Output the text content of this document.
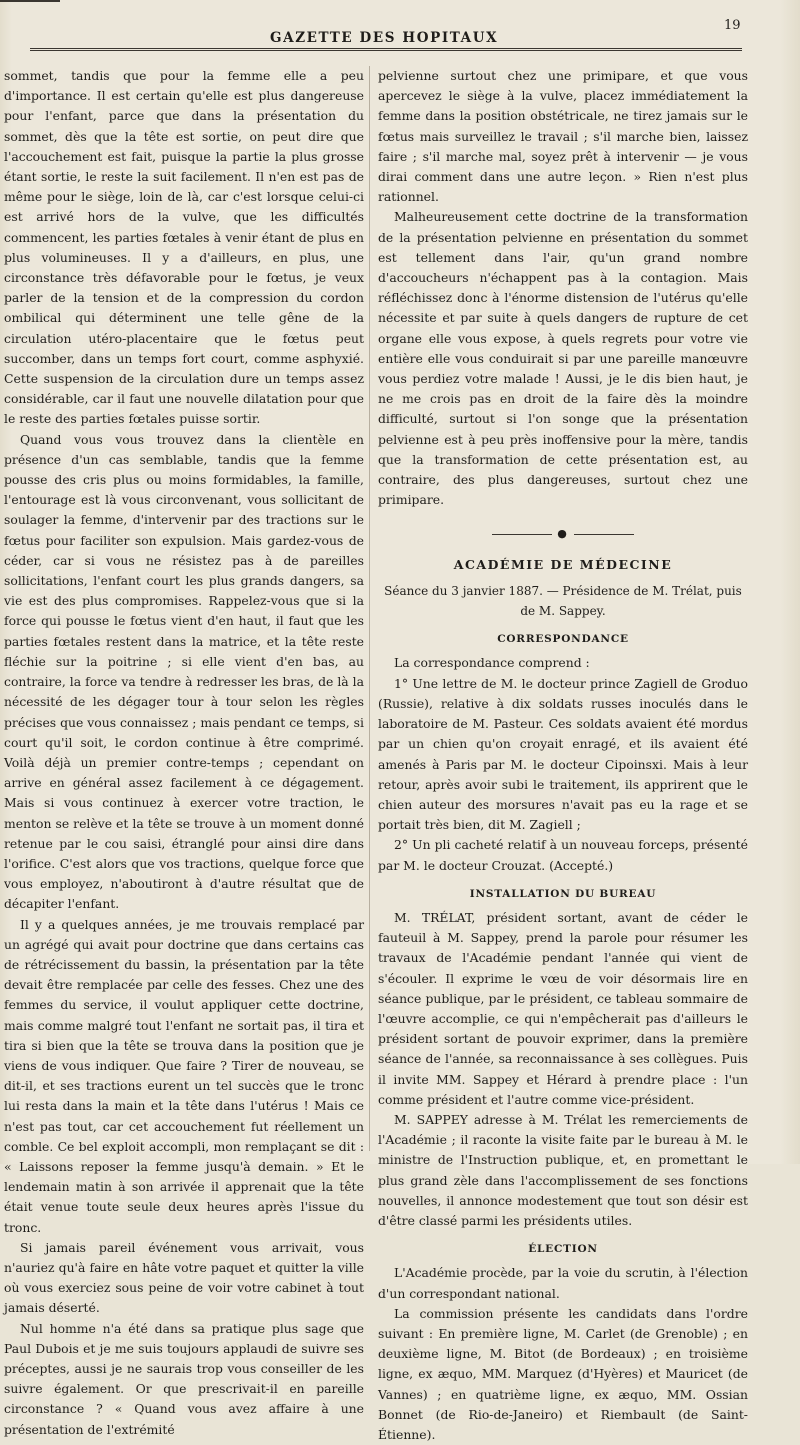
GAZETTE DES HOPITAUX
19

sommet, tandis que pour la femme elle a peu d'importance. Il est certain qu'elle est plus dangereuse pour l'enfant, parce que dans la présentation du sommet, dès que la tête est sortie, on peut dire que l'accouchement est fait, puisque la partie la plus grosse étant sortie, le reste la suit facilement. Il n'en est pas de même pour le siège, loin de là, car c'est lorsque celui-ci est arrivé hors de la vulve, que les difficultés commencent, les parties fœtales à venir étant de plus en plus volumineuses. Il y a d'ailleurs, en plus, une circonstance très défavorable pour le fœtus, je veux parler de la tension et de la compression du cordon ombilical qui déterminent une telle gêne de la circulation utéro-placentaire que le fœtus peut succomber, dans un temps fort court, comme asphyxié. Cette suspension de la circulation dure un temps assez considérable, car il faut une nouvelle dilatation pour que le reste des parties fœtales puisse sortir.

Quand vous vous trouvez dans la clientèle en présence d'un cas semblable, tandis que la femme pousse des cris plus ou moins formidables, la famille, l'entourage est là vous circonvenant, vous sollicitant de soulager la femme, d'intervenir par des tractions sur le fœtus pour faciliter son expulsion. Mais gardez-vous de céder, car si vous ne résistez pas à de pareilles sollicitations, l'enfant court les plus grands dangers, sa vie est des plus compromises. Rappelez-vous que si la force qui pousse le fœtus vient d'en haut, il faut que les parties fœtales restent dans la matrice, et la tête reste fléchie sur la poitrine ; si elle vient d'en bas, au contraire, la force va tendre à redresser les bras, de là la nécessité de les dégager tour à tour selon les règles précises que vous connaissez ; mais pendant ce temps, si court qu'il soit, le cordon continue à être comprimé. Voilà déjà un premier contre-temps ; cependant on arrive en général assez facilement à ce dégagement. Mais si vous continuez à exercer votre traction, le menton se relève et la tête se trouve à un moment donné retenue par le cou saisi, étranglé pour ainsi dire dans l'orifice. C'est alors que vos tractions, quelque force que vous employez, n'aboutiront à d'autre résultat que de décapiter l'enfant.

Il y a quelques années, je me trouvais remplacé par un agrégé qui avait pour doctrine que dans certains cas de rétrécissement du bassin, la présentation par la tête devait être remplacée par celle des fesses. Chez une des femmes du service, il voulut appliquer cette doctrine, mais comme malgré tout l'enfant ne sortait pas, il tira et tira si bien que la tête se trouva dans la position que je viens de vous indiquer. Que faire ? Tirer de nouveau, se dit-il, et ses tractions eurent un tel succès que le tronc lui resta dans la main et la tête dans l'utérus ! Mais ce n'est pas tout, car cet accouchement fut réellement un comble. Ce bel exploit accompli, mon remplaçant se dit : « Laissons reposer la femme jusqu'à demain. » Et le lendemain matin à son arrivée il apprenait que la tête était venue toute seule deux heures après l'issue du tronc.

Si jamais pareil événement vous arrivait, vous n'auriez qu'à faire en hâte votre paquet et quitter la ville où vous exerciez sous peine de voir votre cabinet à tout jamais déserté.

Nul homme n'a été dans sa pratique plus sage que Paul Dubois et je me suis toujours applaudi de suivre ses préceptes, aussi je ne saurais trop vous conseiller de les suivre également. Or que prescrivait-il en pareille circonstance ? « Quand vous avez affaire à une présentation de l'extrémité

pelvienne surtout chez une primipare, et que vous apercevez le siège à la vulve, placez immédiatement la femme dans la position obstétricale, ne tirez jamais sur le fœtus mais surveillez le travail ; s'il marche bien, laissez faire ; s'il marche mal, soyez prêt à intervenir — je vous dirai comment dans une autre leçon. » Rien n'est plus rationnel.

Malheureusement cette doctrine de la transformation de la présentation pelvienne en présentation du sommet est tellement dans l'air, qu'un grand nombre d'accoucheurs n'échappent pas à la contagion. Mais réfléchissez donc à l'énorme distension de l'utérus qu'elle nécessite et par suite à quels dangers de rupture de cet organe elle vous expose, à quels regrets pour votre vie entière elle vous conduirait si par une pareille manœuvre vous perdiez votre malade ! Aussi, je le dis bien haut, je ne me crois pas en droit de la faire dès la moindre difficulté, surtout si l'on songe que la présentation pelvienne est à peu près inoffensive pour la mère, tandis que la transformation de cette présentation est, au contraire, des plus dangereuses, surtout chez une primipare.

●
ACADÉMIE DE MÉDECINE
Séance du 3 janvier 1887. — Présidence de M. Trélat, puis
de M. Sappey.
CORRESPONDANCE

La correspondance comprend :

1° Une lettre de M. le docteur prince Zagiell de Groduo (Russie), relative à dix soldats russes inoculés dans le laboratoire de M. Pasteur. Ces soldats avaient été mordus par un chien qu'on croyait enragé, et ils avaient été amenés à Paris par M. le docteur Cipoinsxi. Mais à leur retour, après avoir subi le traitement, ils apprirent que le chien auteur des morsures n'avait pas eu la rage et se portait très bien, dit M. Zagiell ;

2° Un pli cacheté relatif à un nouveau forceps, présenté par M. le docteur Crouzat. (Accepté.)

INSTALLATION DU BUREAU

M. TRÉLAT, président sortant, avant de céder le fauteuil à M. Sappey, prend la parole pour résumer les travaux de l'Académie pendant l'année qui vient de s'écouler. Il exprime le vœu de voir désormais lire en séance publique, par le président, ce tableau sommaire de l'œuvre accomplie, ce qui n'empêcherait pas d'ailleurs le président sortant de pouvoir exprimer, dans la première séance de l'année, sa reconnaissance à ses collègues. Puis il invite MM. Sappey et Hérard à prendre place : l'un comme président et l'autre comme vice-président.

M. SAPPEY adresse à M. Trélat les remerciements de l'Académie ; il raconte la visite faite par le bureau à M. le ministre de l'Instruction publique, et, en promettant le plus grand zèle dans l'accomplissement de ses fonctions nouvelles, il annonce modestement que tout son désir est d'être classé parmi les présidents utiles.

ÉLECTION

L'Académie procède, par la voie du scrutin, à l'élection d'un correspondant national.

La commission présente les candidats dans l'ordre suivant : En première ligne, M. Carlet (de Grenoble) ; en deuxième ligne, M. Bitot (de Bordeaux) ; en troisième ligne, ex æquo, MM. Marquez (d'Hyères) et Mauricet (de Vannes) ; en quatrième ligne, ex æquo, MM. Ossian Bonnet (de Rio-de-Janeiro) et Riembault (de Saint-Étienne).
